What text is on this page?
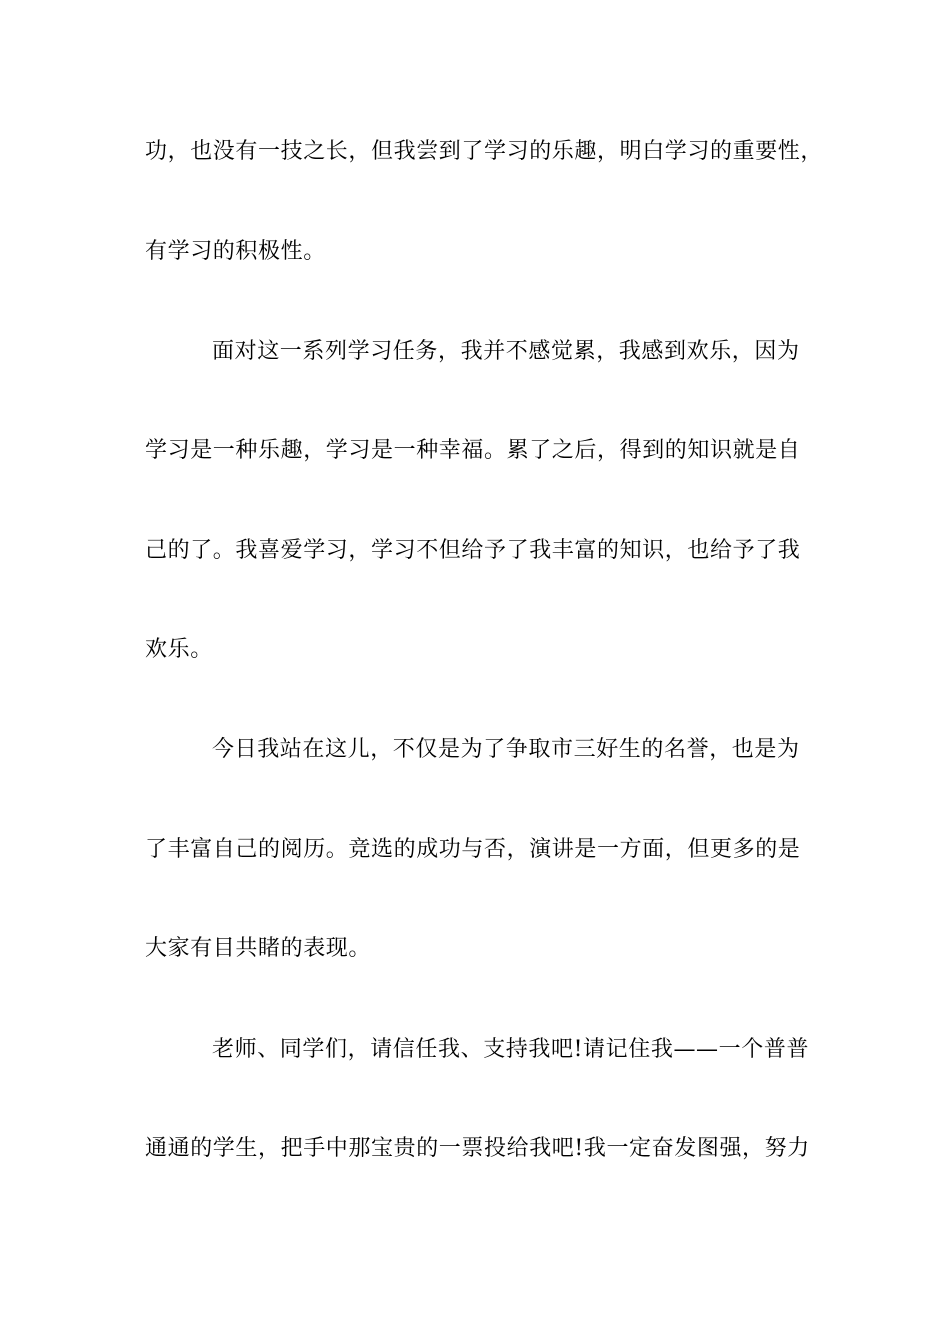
功，也没有一技之长，但我尝到了学习的乐趣，明白学习的重要性，
有学习的积极性。
面对这一系列学习任务，我并不感觉累，我感到欢乐，因为
学习是一种乐趣，学习是一种幸福。累了之后，得到的知识就是自
己的了。我喜爱学习，学习不但给予了我丰富的知识，也给予了我
欢乐。
今日我站在这儿，不仅是为了争取市三好生的名誉，也是为
了丰富自己的阅历。竞选的成功与否，演讲是一方面，但更多的是
大家有目共睹的表现。
老师、同学们，请信任我、支持我吧!请记住我——一个普普
通通的学生，把手中那宝贵的一票投给我吧!我一定奋发图强，努力
